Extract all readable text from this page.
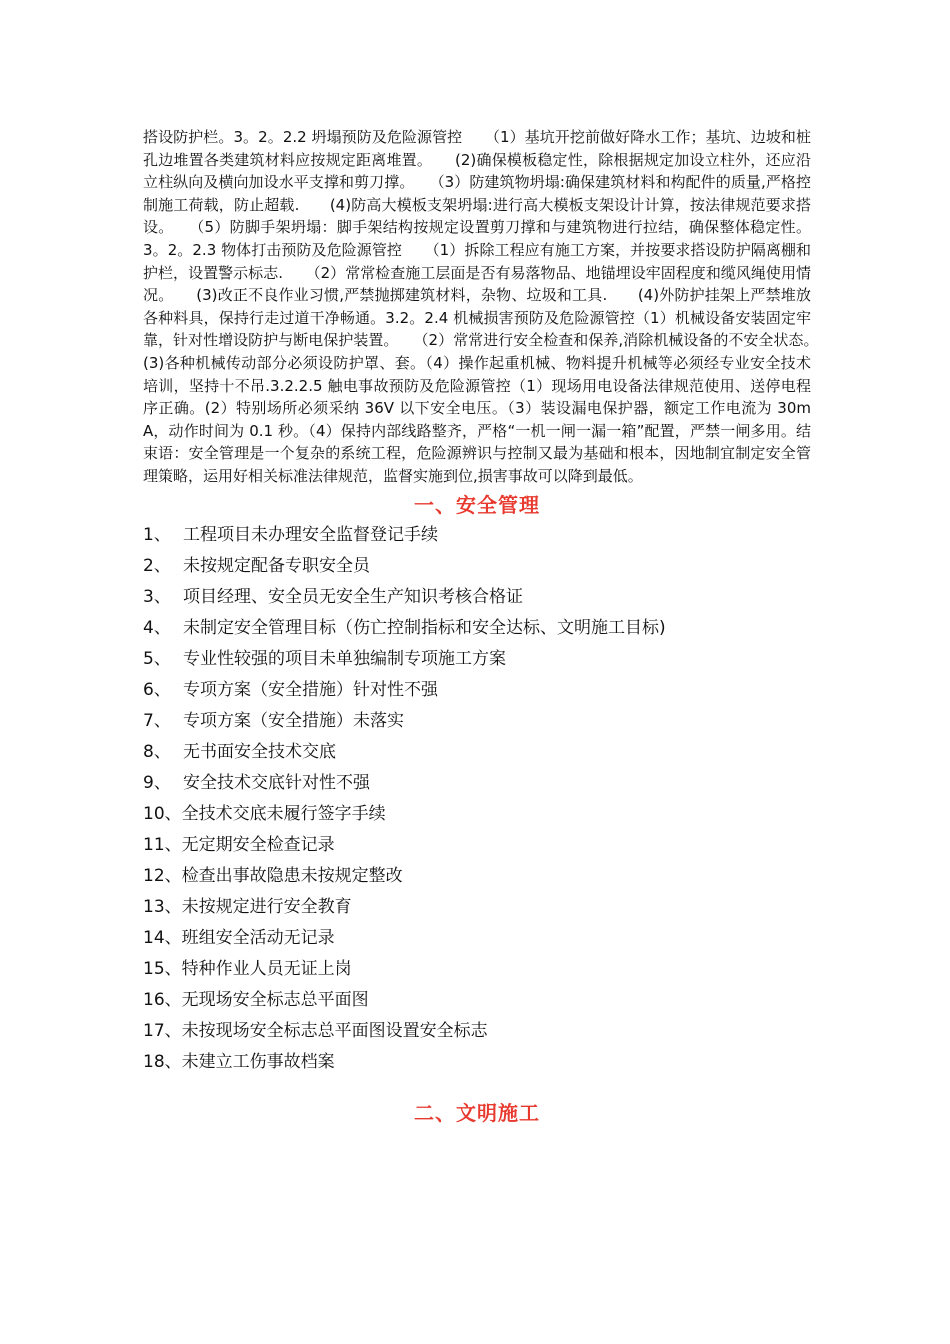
搭设防护栏。3。2。2.2 坍塌预防及危险源管控　　（1）基坑开挖前做好降水工作；基坑、边坡和桩孔边堆置各类建筑材料应按规定距离堆置。　　(2)确保模板稳定性，除根据规定加设立柱外，还应沿立柱纵向及横向加设水平支撑和剪刀撑。　　（3）防建筑物坍塌:确保建筑材料和构配件的质量,严格控制施工荷载，防止超载.　　(4)防高大模板支架坍塌:进行高大模板支架设计计算，按法律规范要求搭设。　　（5）防脚手架坍塌：脚手架结构按规定设置剪刀撑和与建筑物进行拉结，确保整体稳定性。3。2。2.3 物体打击预防及危险源管控　　（1）拆除工程应有施工方案，并按要求搭设防护隔离棚和护栏，设置警示标志.　　（2）常常检查施工层面是否有易落物品、地锚埋设牢固程度和缆风绳使用情况。　　(3)改正不良作业习惯,严禁抛掷建筑材料，杂物、垃圾和工具.　　(4)外防护挂架上严禁堆放各种料具，保持行走过道干净畅通。3.2。2.4 机械损害预防及危险源管控（1）机械设备安装固定牢靠，针对性增设防护与断电保护装置。　　（2）常常进行安全检查和保养,消除机械设备的不安全状态。　　(3)各种机械传动部分必须设防护罩、套。（4）操作起重机械、物料提升机械等必须经专业安全技术培训，坚持十不吊.3.2.2.5 触电事故预防及危险源管控（1）现场用电设备法律规范使用、送停电程序正确。(2）特别场所必须采纳 36V 以下安全电压。（3）装设漏电保护器，额定工作电流为 30mA，动作时间为 0.1 秒。（4）保持内部线路整齐，严格“一机一闸一漏一箱”配置，严禁一闸多用。结束语：安全管理是一个复杂的系统工程，危险源辨识与控制又最为基础和根本，因地制宜制定安全管理策略，运用好相关标准法律规范，监督实施到位,损害事故可以降到最低。

一、安全管理
1、 工程项目未办理安全监督登记手续
2、 未按规定配备专职安全员
3、 项目经理、安全员无安全生产知识考核合格证
4、 未制定安全管理目标（伤亡控制指标和安全达标、文明施工目标)
5、 专业性较强的项目未单独编制专项施工方案
6、 专项方案（安全措施）针对性不强
7、 专项方案（安全措施）未落实
8、 无书面安全技术交底
9、 安全技术交底针对性不强
10、全技术交底未履行签字手续
11、无定期安全检查记录
12、检查出事故隐患未按规定整改
13、未按规定进行安全教育
14、班组安全活动无记录
15、特种作业人员无证上岗
16、无现场安全标志总平面图
17、未按现场安全标志总平面图设置安全标志
18、未建立工伤事故档案
二、文明施工
